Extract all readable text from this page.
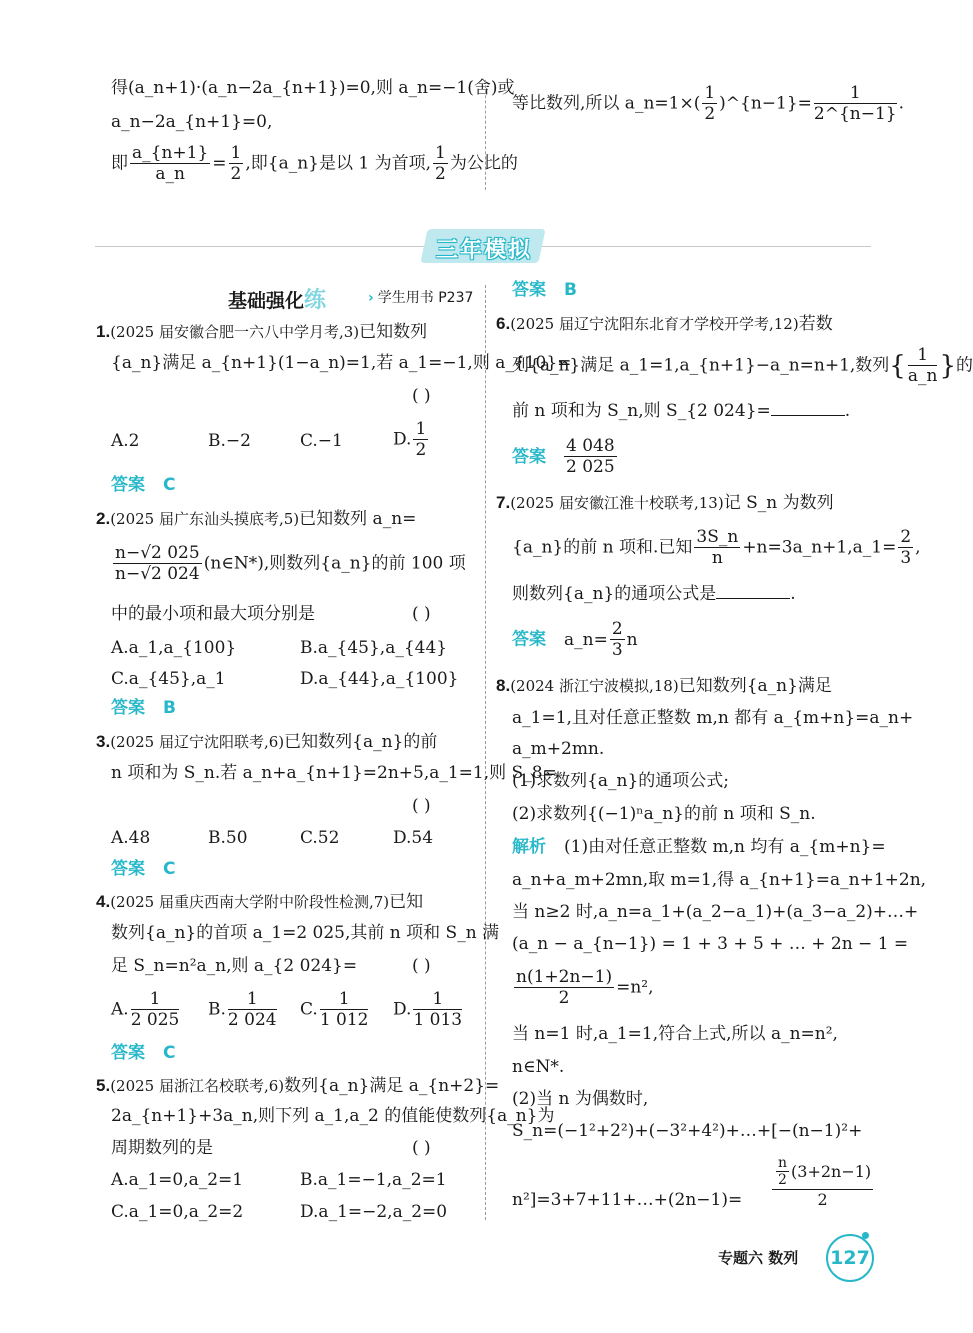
得(a_n+1)·(a_n−2a_{n+1})=0,则 a_n=−1(舍)或
a_n−2a_{n+1}=0,
即 $\frac{a\_\{n+1\}}{a\_n} = \frac{1}{2}$ ,即{a_n}是以 1 为首项, $\frac{1}{2}$ 为公比的
等比数列,所以 a_n=1×( $\frac{1}{2}$ )^{n−1}= $\frac{1}{2\^{}\{n-1\}}$ .
三年模拟
基础强化练	› 学生用书 P237
1.(2025 届安徽合肥一六八中学月考,3)已知数列
{a_n}满足 a_{n+1}(1−a_n)=1,若 a_1=−1,则 a_{10}=
( )
A.2	B.−2	C.−1	D. $\frac{1}{2}$
答案 C
2.(2025 届广东汕头摸底考,5)已知数列 a_n=
$\frac{n-√2 025}{n-√2 024}$ (n∈N*),则数列{a_n}的前 100 项
中的最小项和最大项分别是	( )
A.a_1,a_{100}	B.a_{45},a_{44}
C.a_{45},a_1	D.a_{44},a_{100}
答案 B
3.(2025 届辽宁沈阳联考,6)已知数列{a_n}的前
n 项和为 S_n.若 a_n+a_{n+1}=2n+5,a_1=1,则 S_8=
( )
A.48	B.50	C.52	D.54
答案 C
4.(2025 届重庆西南大学附中阶段性检测,7)已知
数列{a_n}的首项 a_1=2 025,其前 n 项和 S_n 满
足 S_n=n²a_n,则 a_{2 024}=	( )
A. $\frac{1}{2 025} B$. $\frac{1}{2 024} C$. $\frac{1}{1 012} D$. $\frac{1}{1 013}$
答案 C
5.(2025 届浙江名校联考,6)数列{a_n}满足 a_{n+2}=
2a_{n+1}+3a_n,则下列 a_1,a_2 的值能使数列{a_n}为
周期数列的是	( )
A.a_1=0,a_2=1	B.a_1=−1,a_2=1
C.a_1=0,a_2=2	D.a_1=−2,a_2=0
答案 B
6.(2025 届辽宁沈阳东北育才学校开学考,12)若数
列{a_n}满足 a_1=1,a_{n+1}−a_n=n+1,数列{ $\frac{1}{a\_n}$ }的
前 n 项和为 S_n,则 S_{2 024}=	.
答案 $\frac{4 048}{2 025}$
7.(2025 届安徽江淮十校联考,13)记 S_n 为数列
{a_n}的前 n 项和.已知 $\frac{3S\_n}{n}$ +n=3a_n+1,a_1= $\frac{2}{3}$ ,
则数列{a_n}的通项公式是	.
答案 a_n= $\frac{2}{3}$ n
8.(2024 浙江宁波模拟,18)已知数列{a_n}满足
a_1=1,且对任意正整数 m,n 都有 a_{m+n}=a_n+
a_m+2mn.
(1)求数列{a_n}的通项公式;
(2)求数列{(−1)ⁿa_n}的前 n 项和 S_n.
解析 (1)由对任意正整数 m,n 均有 a_{m+n}=
a_n+a_m+2mn,取 m=1,得 a_{n+1}=a_n+1+2n,
当 n≥2 时,a_n=a_1+(a_2−a_1)+(a_3−a_2)+…+
(a_n − a_{n−1}) = 1 + 3 + 5 + … + 2n − 1 =
$\frac{n(1+2n-1)}{2} =n^2$,
当 n=1 时,a_1=1,符合上式,所以 a_n=n²,
n∈N*.
(2)当 n 为偶数时,
S_n=(−1²+2²)+(−3²+4²)+…+[−(n−1)²+
n²]=3+7+11+…+(2n−1)= $\frac{\frac{n}{2} (3+2n-1)}{2}$
专题六 数列 127
